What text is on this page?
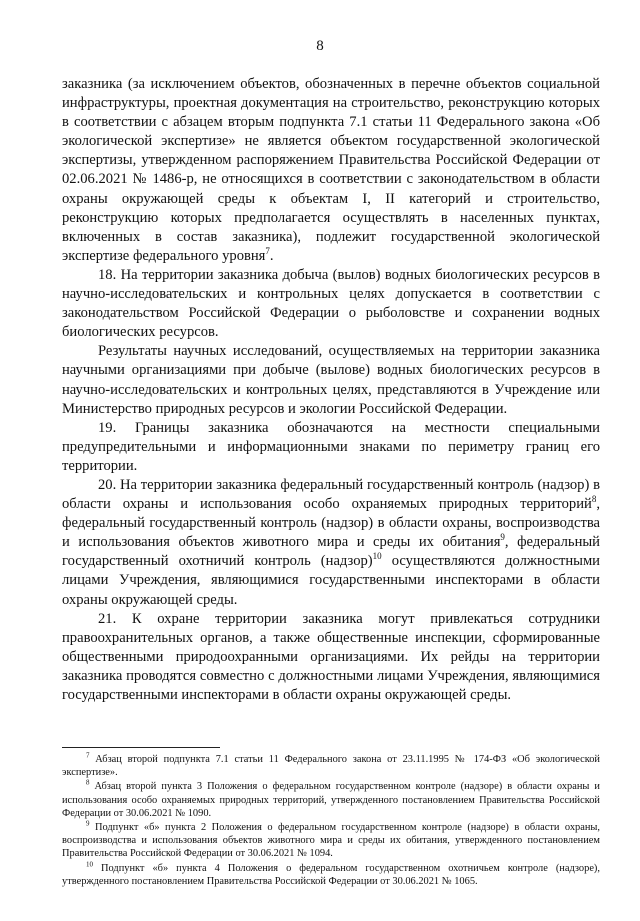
8

заказника (за исключением объектов, обозначенных в перечне объектов социальной инфраструктуры, проектная документация на строительство, реконструкцию которых в соответствии с абзацем вторым подпункта 7.1 статьи 11 Федерального закона «Об экологической экспертизе» не является объектом государственной экологической экспертизы, утвержденном распоряжением Правительства Российской Федерации от 02.06.2021 № 1486-р, не относящихся в соответствии с законодательством в области охраны окружающей среды к объектам I, II категорий и строительство, реконструкцию которых предполагается осуществлять в населенных пунктах, включенных в состав заказника), подлежит государственной экологической экспертизе федерального уровня$^7$.

18. На территории заказника добыча (вылов) водных биологических ресурсов в научно-исследовательских и контрольных целях допускается в соответствии с законодательством Российской Федерации о рыболовстве и сохранении водных биологических ресурсов.

Результаты научных исследований, осуществляемых на территории заказника научными организациями при добыче (вылове) водных биологических ресурсов в научно-исследовательских и контрольных целях, представляются в Учреждение или Министерство природных ресурсов и экологии Российской Федерации.

19. Границы заказника обозначаются на местности специальными предупредительными и информационными знаками по периметру границ его территории.

20. На территории заказника федеральный государственный контроль (надзор) в области охраны и использования особо охраняемых природных территорий$^8$, федеральный государственный контроль (надзор) в области охраны, воспроизводства и использования объектов животного мира и среды их обитания$^9$, федеральный государственный охотничий контроль (надзор)$^{10}$ осуществляются должностными лицами Учреждения, являющимися государственными инспекторами в области охраны окружающей среды.

21. К охране территории заказника могут привлекаться сотрудники правоохранительных органов, а также общественные инспекции, сформированные общественными природоохранными организациями. Их рейды на территории заказника проводятся совместно с должностными лицами Учреждения, являющимися государственными инспекторами в области охраны окружающей среды.

$^7$ Абзац второй подпункта 7.1 статьи 11 Федерального закона от 23.11.1995 № 174-ФЗ «Об экологической экспертизе».

$^8$ Абзац второй пункта 3 Положения о федеральном государственном контроле (надзоре) в области охраны и использования особо охраняемых природных территорий, утвержденного постановлением Правительства Российской Федерации от 30.06.2021 № 1090.

$^9$ Подпункт «б» пункта 2 Положения о федеральном государственном контроле (надзоре) в области охраны, воспроизводства и использования объектов животного мира и среды их обитания, утвержденного постановлением Правительства Российской Федерации от 30.06.2021 № 1094.

$^{10}$ Подпункт «б» пункта 4 Положения о федеральном государственном охотничьем контроле (надзоре), утвержденного постановлением Правительства Российской Федерации от 30.06.2021 № 1065.
